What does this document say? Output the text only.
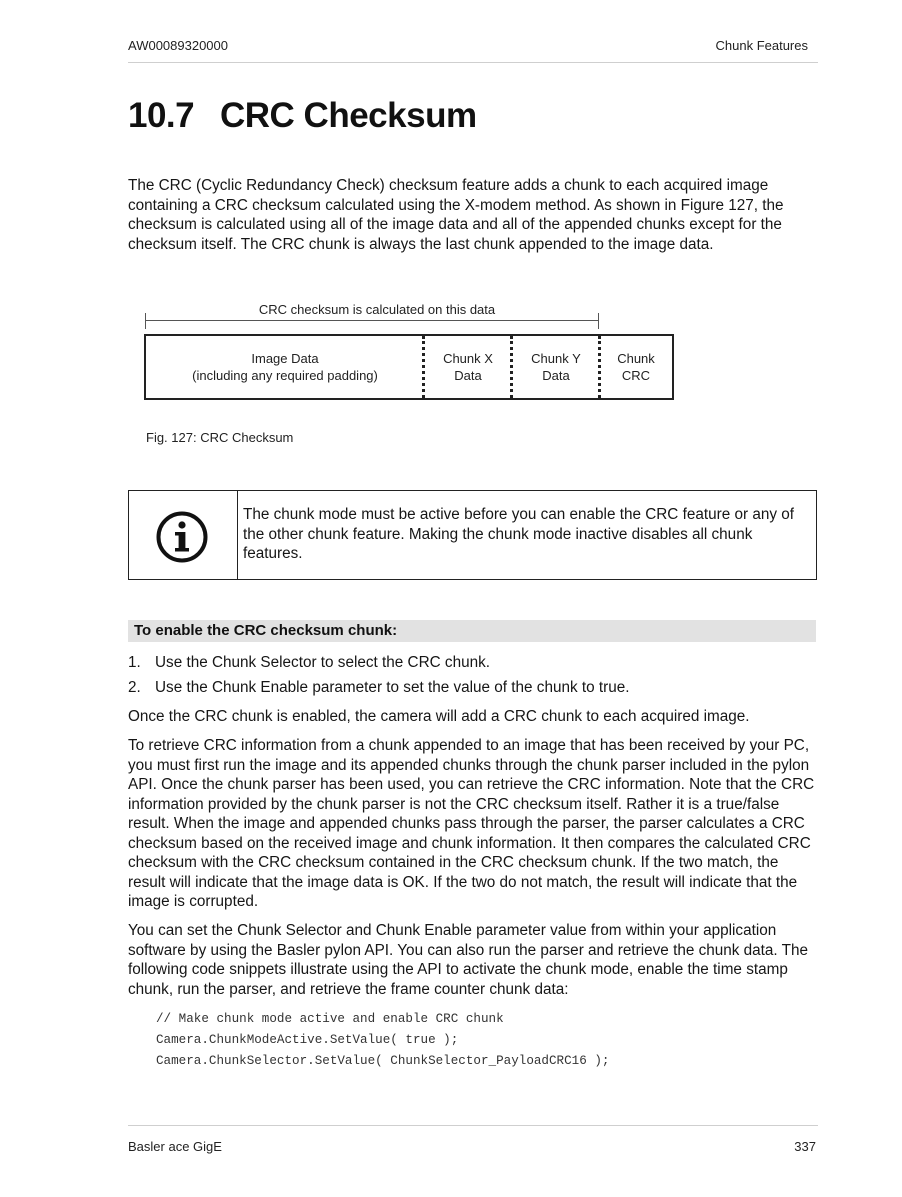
AW00089320000	Chunk Features
10.7 CRC Checksum

The CRC (Cyclic Redundancy Check) checksum feature adds a chunk to each acquired image containing a CRC checksum calculated using the X-modem method. As shown in Figure 127, the checksum is calculated using all of the image data and all of the appended chunks except for the checksum itself. The CRC chunk is always the last chunk appended to the image data.

CRC checksum is calculated on this data
Image Data
(including any required padding)
Chunk X
Data
Chunk Y
Data
Chunk
CRC
Fig. 127: CRC Checksum
The chunk mode must be active before you can enable the CRC feature or any of the other chunk feature. Making the chunk mode inactive disables all chunk features.
To enable the CRC checksum chunk:
1. Use the Chunk Selector to select the CRC chunk.
2. Use the Chunk Enable parameter to set the value of the chunk to true.

Once the CRC chunk is enabled, the camera will add a CRC chunk to each acquired image.

To retrieve CRC information from a chunk appended to an image that has been received by your PC, you must first run the image and its appended chunks through the chunk parser included in the pylon API. Once the chunk parser has been used, you can retrieve the CRC information. Note that the CRC information provided by the chunk parser is not the CRC checksum itself. Rather it is a true/false result. When the image and appended chunks pass through the parser, the parser calculates a CRC checksum based on the received image and chunk information. It then compares the calculated CRC checksum with the CRC checksum contained in the CRC checksum chunk. If the two match, the result will indicate that the image data is OK. If the two do not match, the result will indicate that the image is corrupted.

You can set the Chunk Selector and Chunk Enable parameter value from within your application software by using the Basler pylon API. You can also run the parser and retrieve the chunk data. The following code snippets illustrate using the API to activate the chunk mode, enable the time stamp chunk, run the parser, and retrieve the frame counter chunk data:

// Make chunk mode active and enable CRC chunk
Camera.ChunkModeActive.SetValue( true );
Camera.ChunkSelector.SetValue( ChunkSelector_PayloadCRC16 );
Basler ace GigE	337
